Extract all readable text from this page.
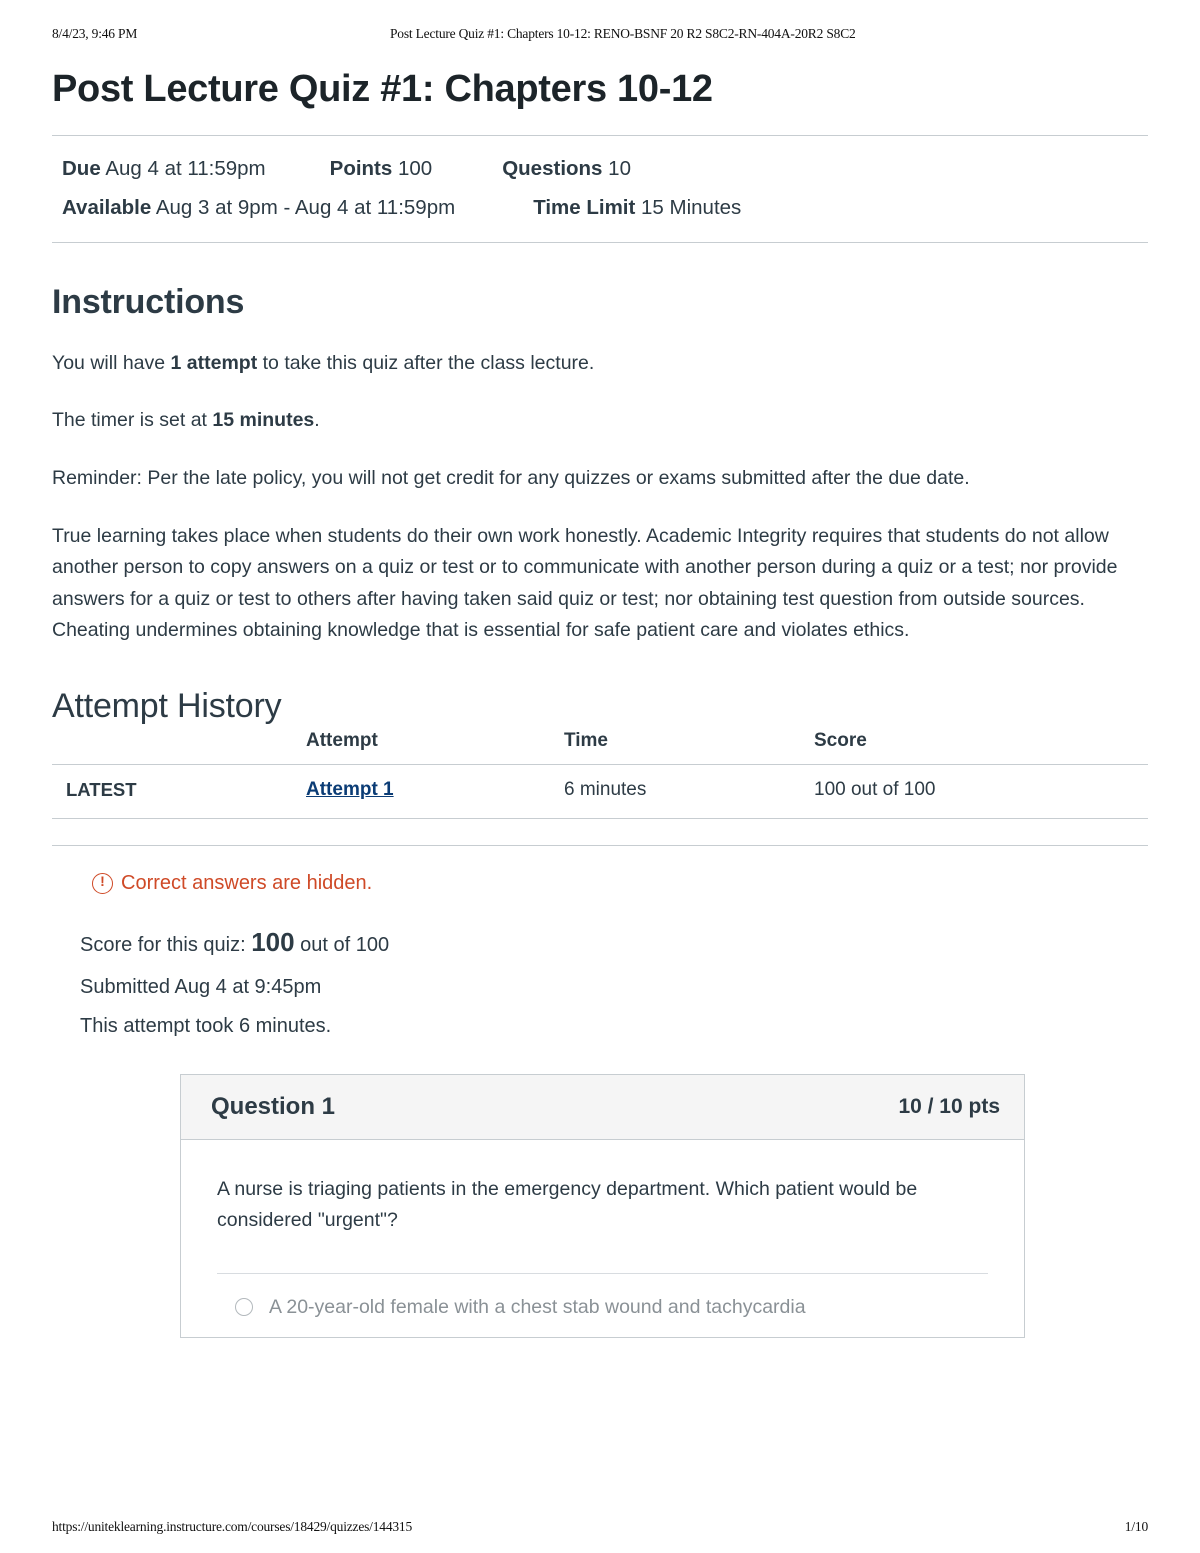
8/4/23, 9:46 PM	Post Lecture Quiz #1: Chapters 10-12: RENO-BSNF 20 R2 S8C2-RN-404A-20R2 S8C2
Post Lecture Quiz #1: Chapters 10-12
Due Aug 4 at 11:59pm	Points 100	Questions 10
Available Aug 3 at 9pm - Aug 4 at 11:59pm	Time Limit 15 Minutes
Instructions

You will have 1 attempt to take this quiz after the class lecture.

The timer is set at 15 minutes.

Reminder: Per the late policy, you will not get credit for any quizzes or exams submitted after the due date.

True learning takes place when students do their own work honestly. Academic Integrity requires that students do not allow another person to copy answers on a quiz or test or to communicate with another person during a quiz or a test; nor provide answers for a quiz or test to others after having taken said quiz or test; nor obtaining test question from outside sources. Cheating undermines obtaining knowledge that is essential for safe patient care and violates ethics.

Attempt History
	Attempt	Time	Score
LATEST	Attempt 1	6 minutes	100 out of 100
!
Correct answers are hidden.
Score for this quiz: 100 out of 100
Submitted Aug 4 at 9:45pm
This attempt took 6 minutes.
Question 1	10 / 10 pts

A nurse is triaging patients in the emergency department. Which patient would be considered "urgent"?

A 20-year-old female with a chest stab wound and tachycardia
https://uniteklearning.instructure.com/courses/18429/quizzes/144315	1/10
